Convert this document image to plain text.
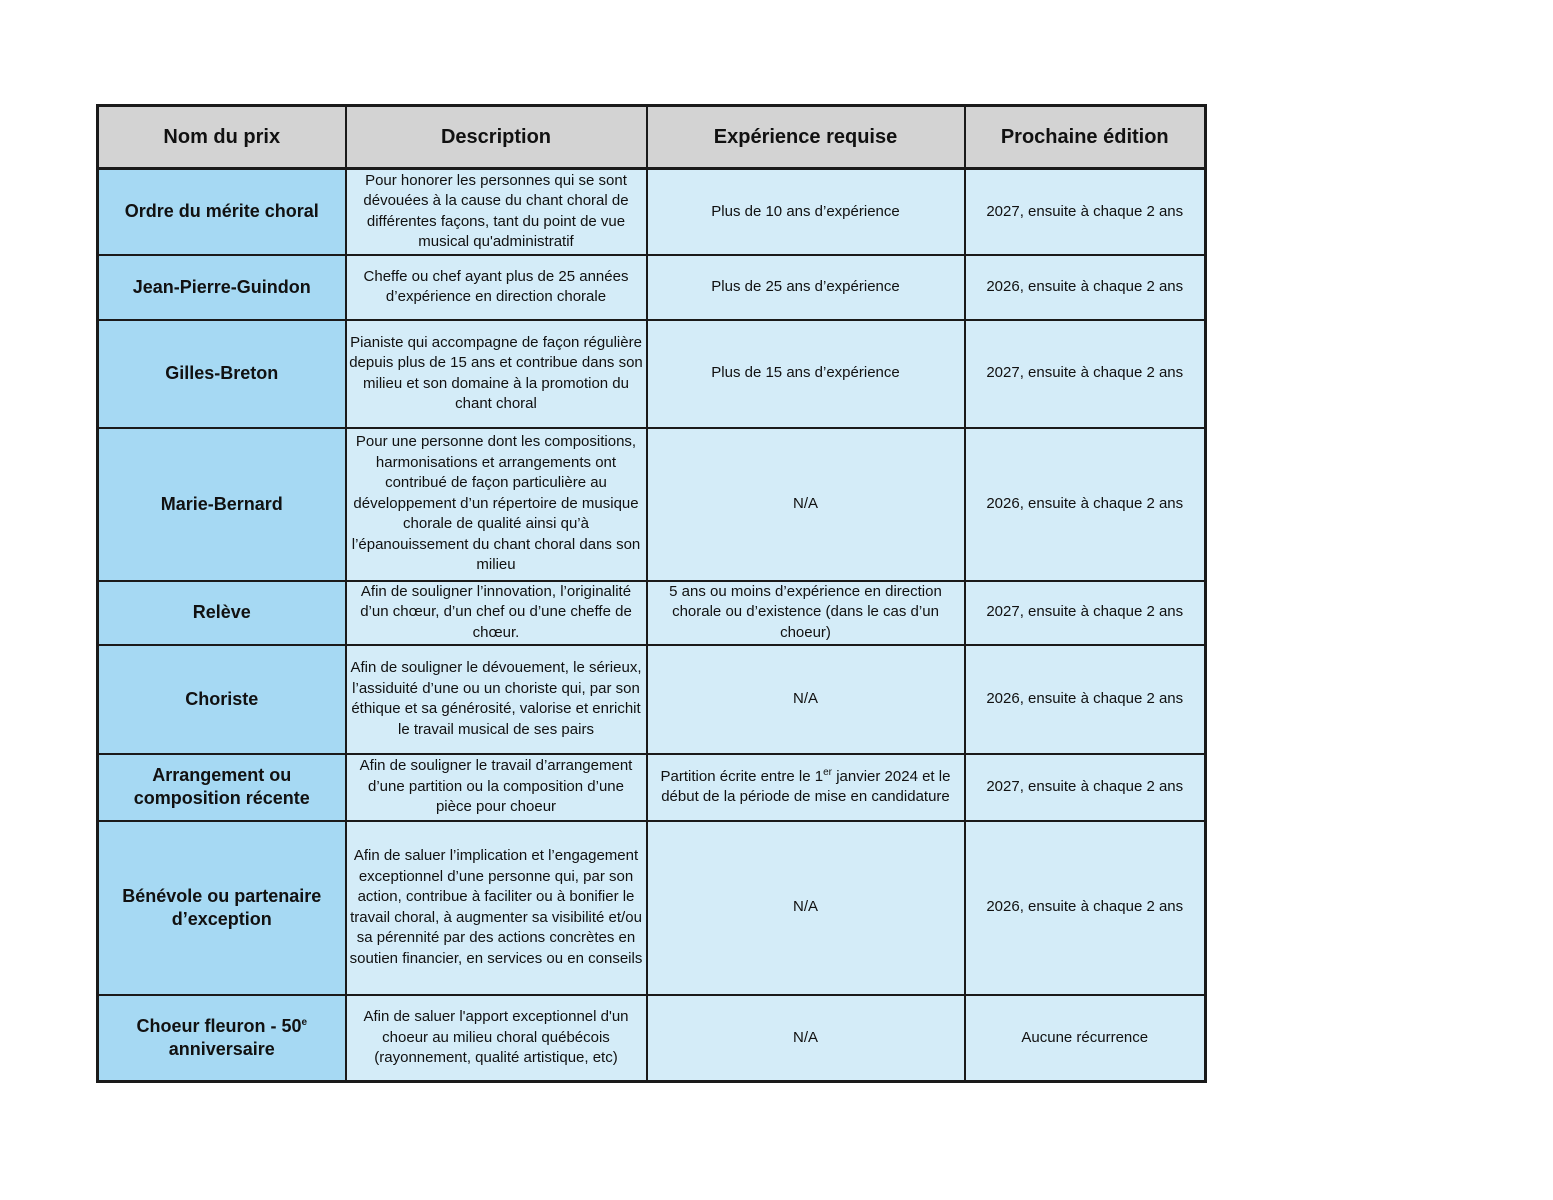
Nom du prix	Description	Expérience requise	Prochaine édition
Ordre du mérite choral	Pour honorer les personnes qui se sont dévouées à la cause du chant choral de différentes façons, tant du point de vue musical qu'administratif	Plus de 10 ans d’expérience	2027, ensuite à chaque 2 ans
Jean-Pierre-Guindon	Cheffe ou chef ayant plus de 25 années d’expérience en direction chorale	Plus de 25 ans d’expérience	2026, ensuite à chaque 2 ans
Gilles-Breton	Pianiste qui accompagne de façon régulière depuis plus de 15 ans et contribue dans son milieu et son domaine à la promotion du chant choral	Plus de 15 ans d’expérience	2027, ensuite à chaque 2 ans
Marie-Bernard	Pour une personne dont les compositions, harmonisations et arrangements ont contribué de façon particulière au développement d’un répertoire de musique chorale de qualité ainsi qu’à l’épanouissement du chant choral dans son milieu	N/A	2026, ensuite à chaque 2 ans
Relève	Afin de souligner l’innovation, l’originalité d’un chœur, d’un chef ou d’une cheffe de chœur.	5 ans ou moins d’expérience en direction chorale ou d’existence (dans le cas d’un choeur)	2027, ensuite à chaque 2 ans
Choriste	Afin de souligner le dévouement, le sérieux, l’assiduité d’une ou un choriste qui, par son éthique et sa générosité, valorise et enrichit le travail musical de ses pairs	N/A	2026, ensuite à chaque 2 ans
Arrangement ou composition récente	Afin de souligner le travail d’arrangement d’une partition ou la composition d’une pièce pour choeur	Partition écrite entre le 1er janvier 2024 et le début de la période de mise en candidature	2027, ensuite à chaque 2 ans
Bénévole ou partenaire d’exception	Afin de saluer l’implication et l’engagement exceptionnel d’une personne qui, par son action, contribue à faciliter ou à bonifier le travail choral, à augmenter sa visibilité et/ou sa pérennité par des actions concrètes en soutien financier, en services ou en conseils	N/A	2026, ensuite à chaque 2 ans
Choeur fleuron - 50e anniversaire	Afin de saluer l'apport exceptionnel d'un choeur au milieu choral québécois (rayonnement, qualité artistique, etc)	N/A	Aucune récurrence
